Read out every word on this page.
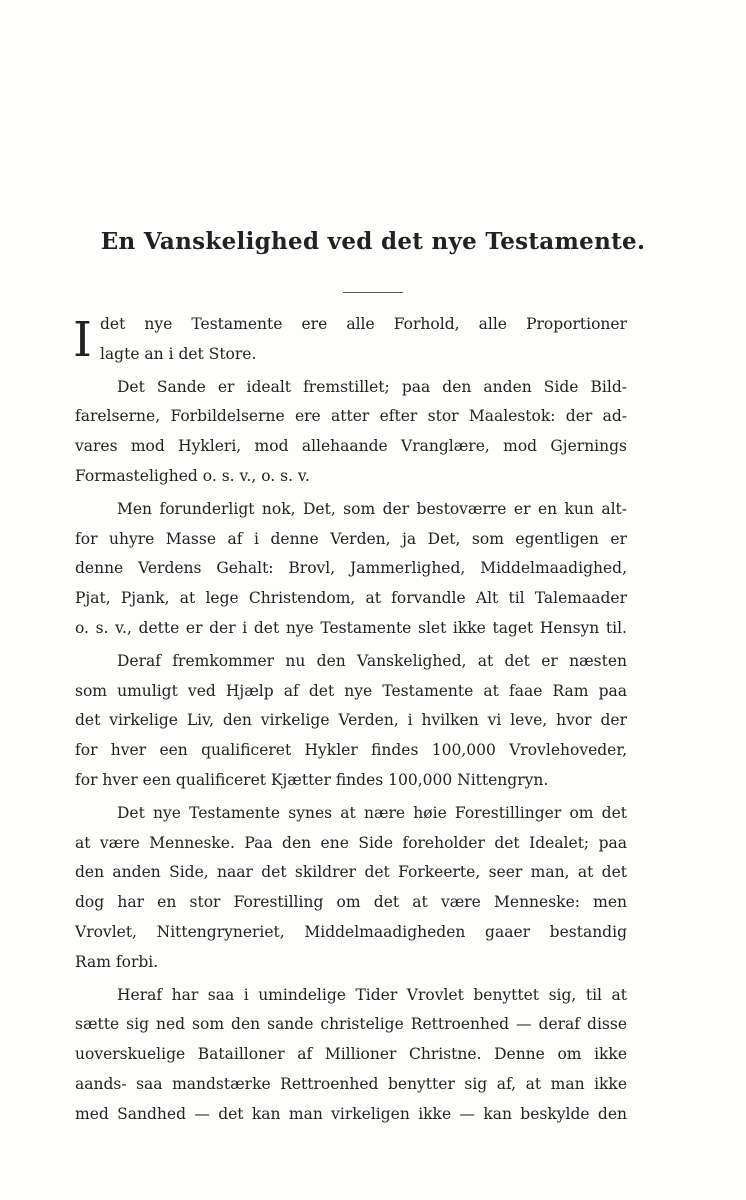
En Vanskelighed ved det nye Testamente.
I det nye Testamente ere alle Forhold, alle Proportioner
lagte an i det Store.
Det Sande er idealt fremstillet; paa den anden Side Bild-
farelserne, Forbilde͏lserne ere atter efter stor Maalestok: der ad-
vares mod Hykleri, mod allehaande Vranglære, mod Gjernings
Formastelighed o. s. v., o. s. v.
Men forunderligt nok, Det, som der bestoværre er en kun alt-
for uhyre Masse af i denne Verden, ja Det, som egentligen er
denne Verdens Gehalt: Brovl, Jammerlighed, Middelmaadighed,
Pjat, Pjank, at lege Christendom, at forvandle Alt til Talemaader
o. s. v., dette er der i det nye Testamente slet ikke taget Hensyn til.
Deraf fremkommer nu den Vanskelighed, at det er næsten
som umuligt ved Hjælp af det nye Testamente at faae Ram paa
det virkelige Liv, den virkelige Verden, i hvilken vi leve, hvor der
for hver een qualificeret Hykler findes 100,000 Vrovlehoveder,
for hver een qualificeret Kjætter findes 100,000 Nittengryn.
Det nye Testamente synes at nære høie Forestillinger om det
at være Menneske. Paa den ene Side foreholder det Idealet; paa
den anden Side, naar det skildrer det Forkeerte, seer man, at det
dog har en stor Forestilling om det at være Menneske: men
Vrovlet, Nittengryneriet, Middelmaadigheden gaaer bestandig
Ram forbi.
Heraf har saa i umindelige Tider Vrovlet benyttet sig, til at
sætte sig ned som den sande christelige Rettroenhed — deraf disse
uoverskuelige Batailloner af Millioner Christne. Denne om ikke
aands- saa mandstærke Rettroenhed benytter sig af, at man ikke
med Sandhed — det kan man virkeligen ikke — kan beskylde den
